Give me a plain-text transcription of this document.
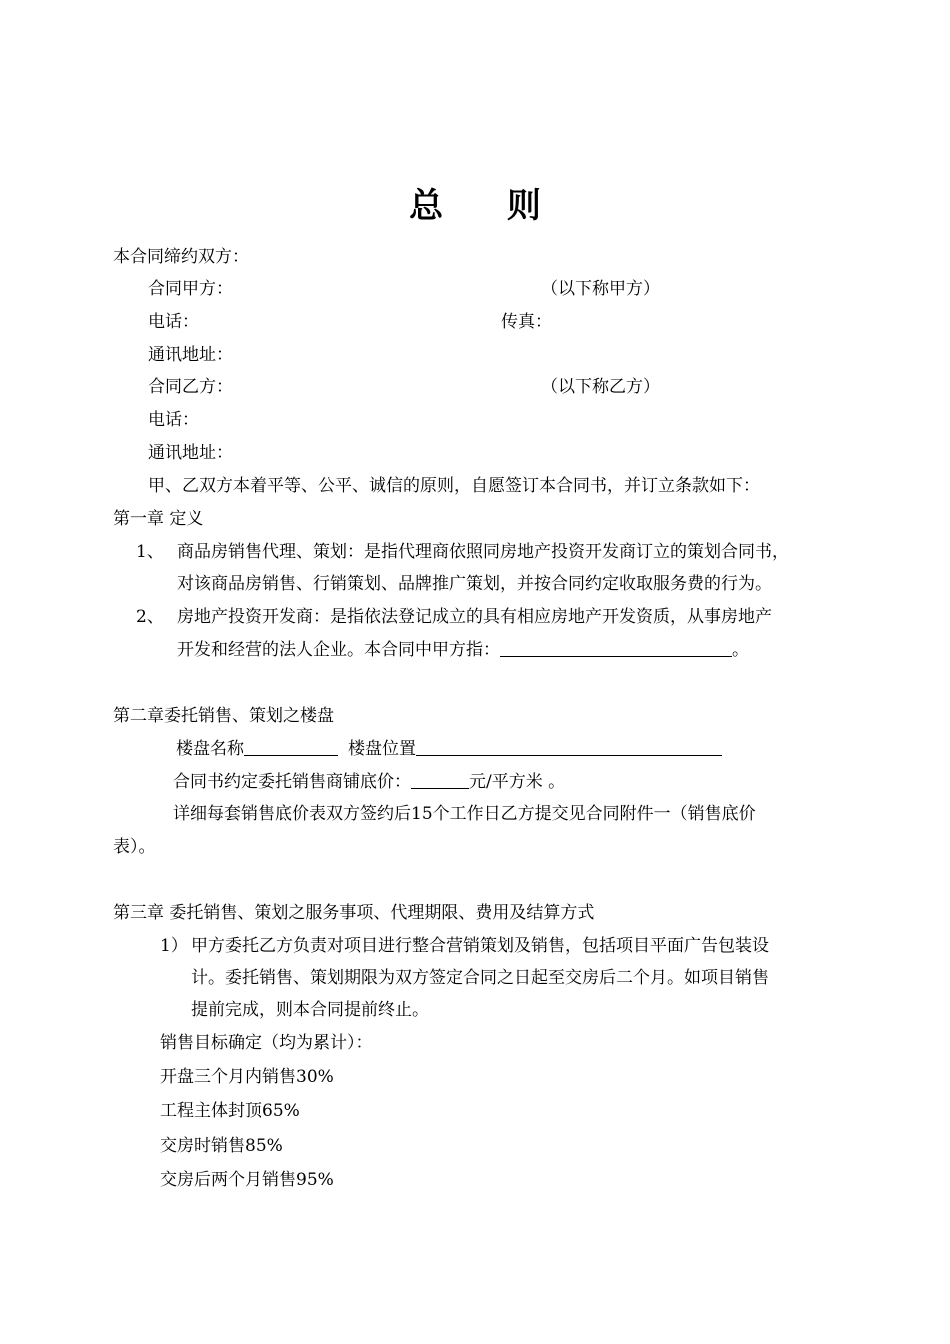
总 则
本合同缔约双方：
合同甲方：	（以下称甲方）
电话：	传真：
通讯地址：
合同乙方：	（以下称乙方）
电话：
通讯地址：
甲、乙双方本着平等、公平、诚信的原则，自愿签订本合同书，并订立条款如下：
第一章 定义
1、 商品房销售代理、策划：是指代理商依照同房地产投资开发商订立的策划合同书，
对该商品房销售、行销策划、品牌推广策划，并按合同约定收取服务费的行为。
2、 房地产投资开发商：是指依法登记成立的具有相应房地产开发资质，从事房地产
开发和经营的法人企业。本合同中甲方指：	。
第二章委托销售、策划之楼盘
楼盘名称	楼盘位置
合同书约定委托销售商铺底价：	元/平方米 。
详细每套销售底价表双方签约后15个工作日乙方提交见合同附件一（销售底价
表）。
第三章 委托销售、策划之服务事项、代理期限、费用及结算方式
1） 甲方委托乙方负责对项目进行整合营销策划及销售，包括项目平面广告包装设
计。委托销售、策划期限为双方签定合同之日起至交房后二个月。如项目销售
提前完成，则本合同提前终止。
销售目标确定（均为累计）：
开盘三个月内销售30%
工程主体封顶65%
交房时销售85%
交房后两个月销售95%
